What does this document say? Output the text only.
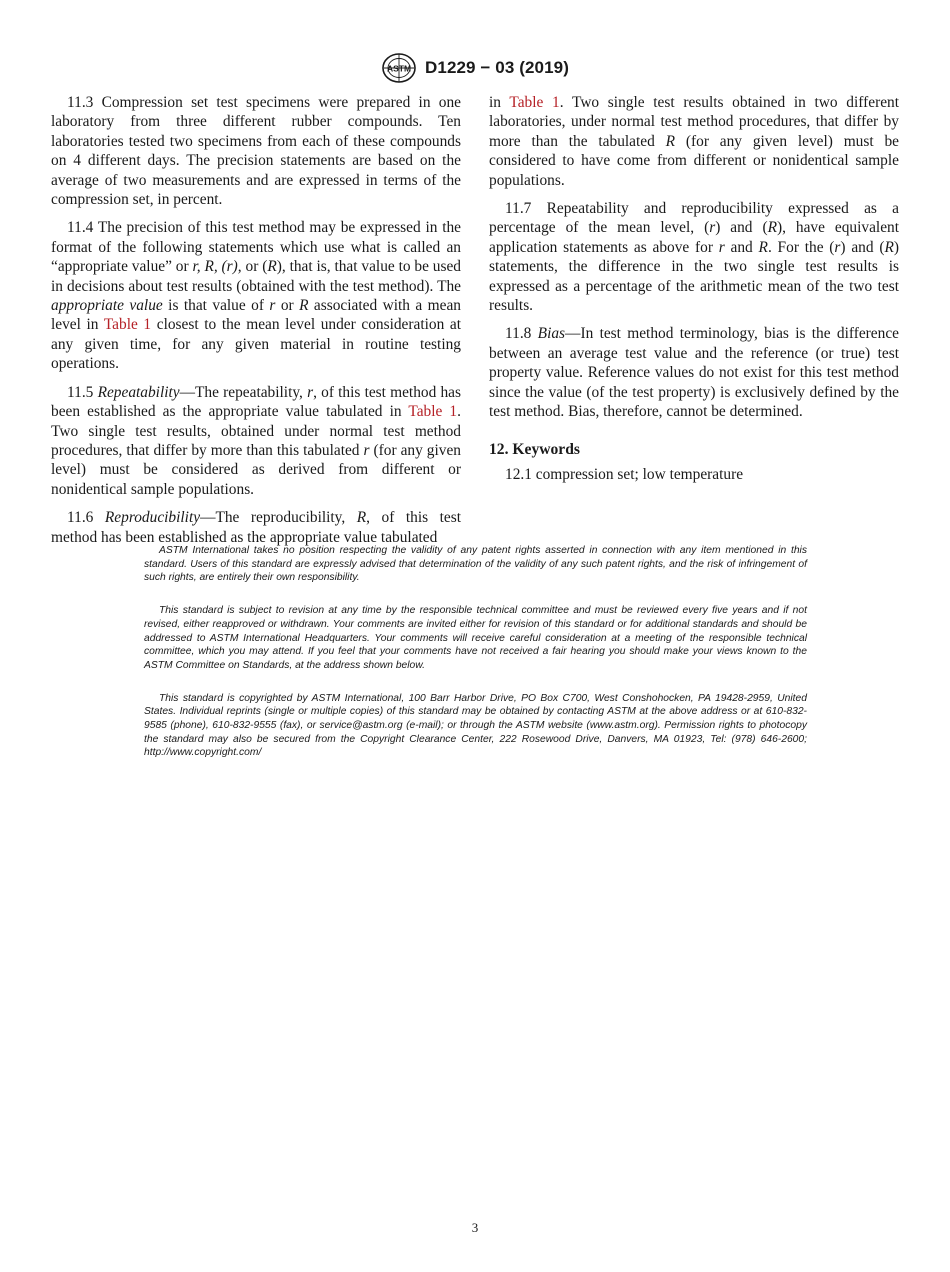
ASTM D1229 − 03 (2019)

11.3 Compression set test specimens were prepared in one laboratory from three different rubber compounds. Ten laboratories tested two specimens from each of these compounds on 4 different days. The precision statements are based on the average of two measurements and are expressed in terms of the compression set, in percent.

11.4 The precision of this test method may be expressed in the format of the following statements which use what is called an “appropriate value” or r, R, (r), or (R), that is, that value to be used in decisions about test results (obtained with the test method). The appropriate value is that value of r or R associated with a mean level in Table 1 closest to the mean level under consideration at any given time, for any given material in routine testing operations.

11.5 Repeatability—The repeatability, r, of this test method has been established as the appropriate value tabulated in Table 1. Two single test results, obtained under normal test method procedures, that differ by more than this tabulated r (for any given level) must be considered as derived from different or nonidentical sample populations.

11.6 Reproducibility—The reproducibility, R, of this test method has been established as the appropriate value tabulated

in Table 1. Two single test results obtained in two different laboratories, under normal test method procedures, that differ by more than the tabulated R (for any given level) must be considered to have come from different or nonidentical sample populations.

11.7 Repeatability and reproducibility expressed as a percentage of the mean level, (r) and (R), have equivalent application statements as above for r and R. For the (r) and (R) statements, the difference in the two single test results is expressed as a percentage of the arithmetic mean of the two test results.

11.8 Bias—In test method terminology, bias is the difference between an average test value and the reference (or true) test property value. Reference values do not exist for this test method since the value (of the test property) is exclusively defined by the test method. Bias, therefore, cannot be determined.

12. Keywords

12.1 compression set; low temperature

ASTM International takes no position respecting the validity of any patent rights asserted in connection with any item mentioned in this standard. Users of this standard are expressly advised that determination of the validity of any such patent rights, and the risk of infringement of such rights, are entirely their own responsibility.

This standard is subject to revision at any time by the responsible technical committee and must be reviewed every five years and if not revised, either reapproved or withdrawn. Your comments are invited either for revision of this standard or for additional standards and should be addressed to ASTM International Headquarters. Your comments will receive careful consideration at a meeting of the responsible technical committee, which you may attend. If you feel that your comments have not received a fair hearing you should make your views known to the ASTM Committee on Standards, at the address shown below.

This standard is copyrighted by ASTM International, 100 Barr Harbor Drive, PO Box C700, West Conshohocken, PA 19428-2959, United States. Individual reprints (single or multiple copies) of this standard may be obtained by contacting ASTM at the above address or at 610-832-9585 (phone), 610-832-9555 (fax), or service@astm.org (e-mail); or through the ASTM website (www.astm.org). Permission rights to photocopy the standard may also be secured from the Copyright Clearance Center, 222 Rosewood Drive, Danvers, MA 01923, Tel: (978) 646-2600; http://www.copyright.com/

3
